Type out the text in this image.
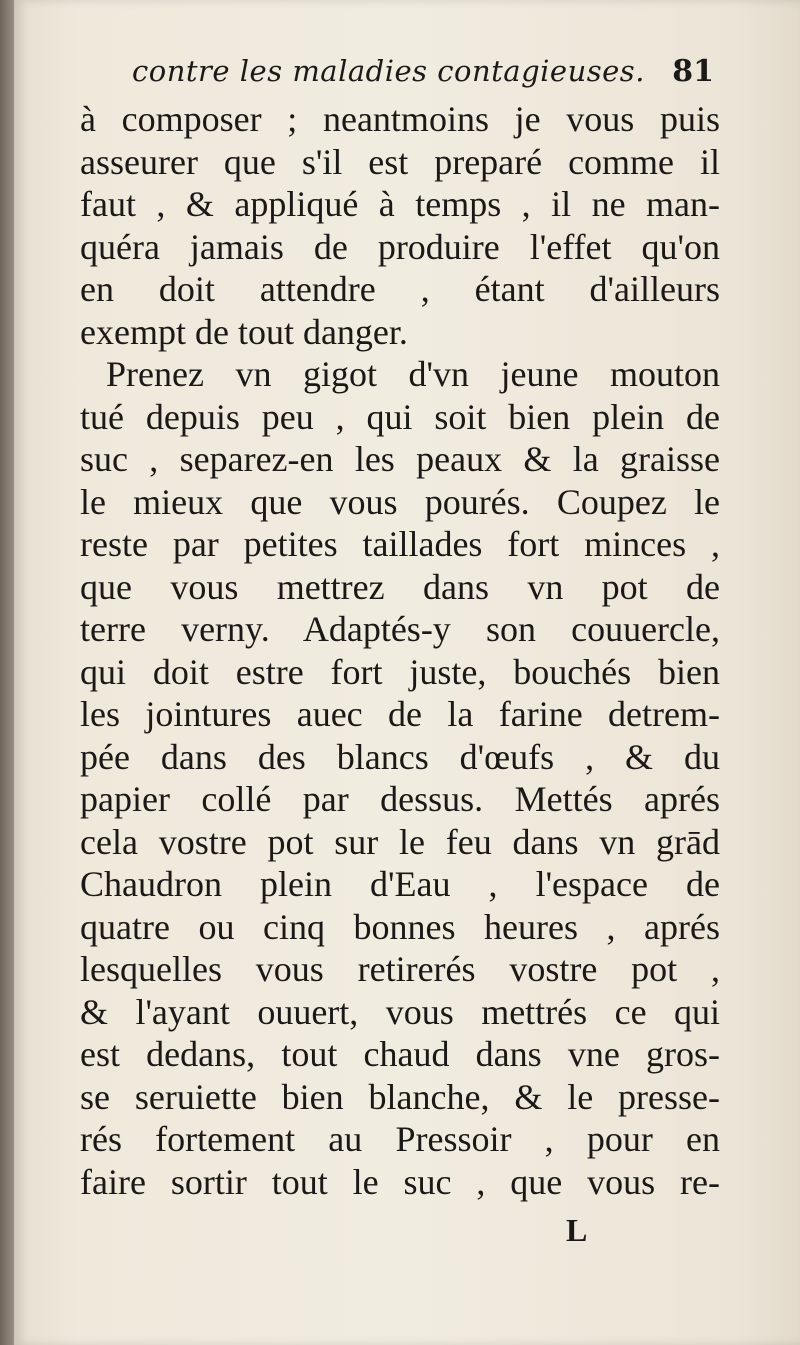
contre les maladies contagieuses. 81
à composer ; neantmoins je vous puis
asseurer que s'il est preparé comme il
faut , & appliqué à temps , il ne man-
quéra jamais de produire l'effet qu'on
en doit attendre , étant d'ailleurs
exempt de tout danger.
Prenez vn gigot d'vn jeune mouton
tué depuis peu , qui soit bien plein de
suc , separez-en les peaux & la graisse
le mieux que vous pourés. Coupez le
reste par petites taillades fort minces ,
que vous mettrez dans vn pot de
terre verny. Adaptés-y son couuercle,
qui doit estre fort juste, bouchés bien
les jointures auec de la farine detrem-
pée dans des blancs d'œufs , & du
papier collé par dessus. Mettés aprés
cela vostre pot sur le feu dans vn grād
Chaudron plein d'Eau , l'espace de
quatre ou cinq bonnes heures , aprés
lesquelles vous retirerés vostre pot ,
& l'ayant ouuert, vous mettrés ce qui
est dedans, tout chaud dans vne gros-
se seruiette bien blanche, & le presse-
rés fortement au Pressoir , pour en
faire sortir tout le suc , que vous re-
L
